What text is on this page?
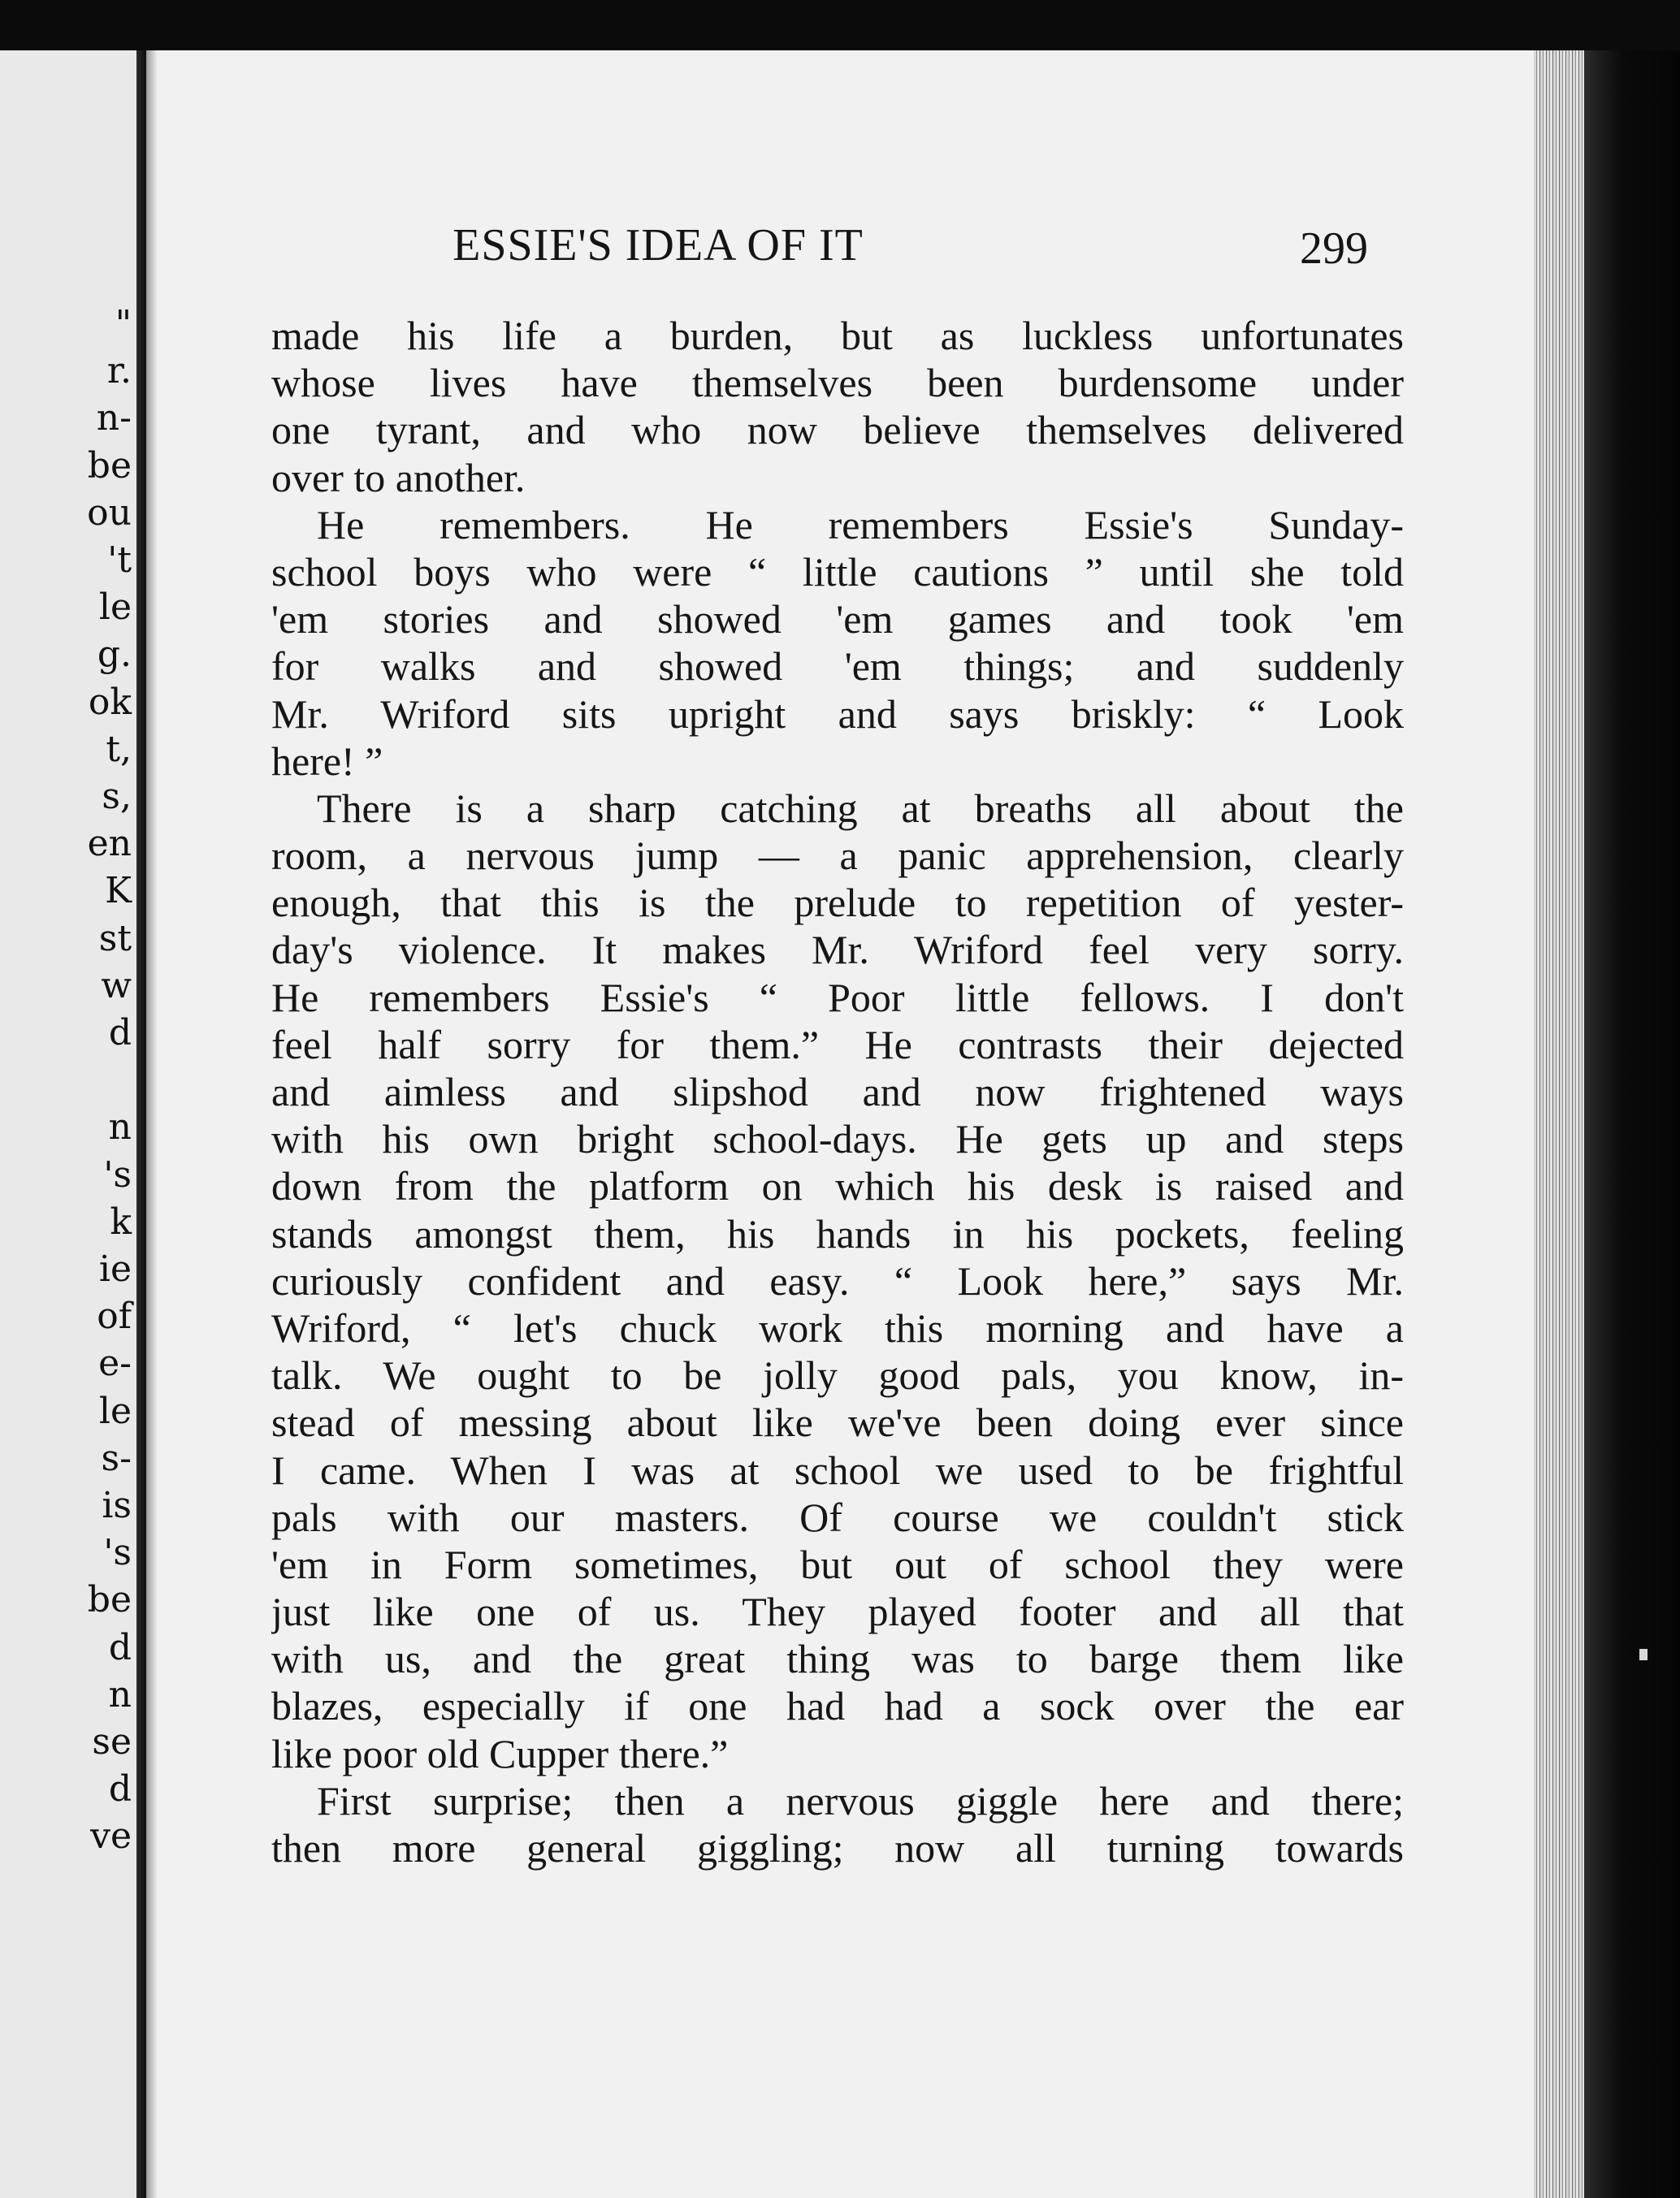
"
r.
n-
be
ou
't
le
g.
ok
t,
s,
en
K
st
w
d
n
's
k
ie
of
e-
le
s-
is
's
be
d
n
se
d
ve
ESSIE'S IDEA OF IT	299
made his life a burden, but as luckless unfortunates
whose lives have themselves been burdensome under
one tyrant, and who now believe themselves delivered
over to another.
He remembers. He remembers Essie's Sunday-
school boys who were “ little cautions ” until she told
'em stories and showed 'em games and took 'em
for walks and showed 'em things; and suddenly
Mr. Wriford sits upright and says briskly: “ Look
here! ”
There is a sharp catching at breaths all about the
room, a nervous jump — a panic apprehension, clearly
enough, that this is the prelude to repetition of yester-
day's violence. It makes Mr. Wriford feel very sorry.
He remembers Essie's “ Poor little fellows. I don't
feel half sorry for them.” He contrasts their dejected
and aimless and slipshod and now frightened ways
with his own bright school-days. He gets up and steps
down from the platform on which his desk is raised and
stands amongst them, his hands in his pockets, feeling
curiously confident and easy. “ Look here,” says Mr.
Wriford, “ let's chuck work this morning and have a
talk. We ought to be jolly good pals, you know, in-
stead of messing about like we've been doing ever since
I came. When I was at school we used to be frightful
pals with our masters. Of course we couldn't stick
'em in Form sometimes, but out of school they were
just like one of us. They played footer and all that
with us, and the great thing was to barge them like
blazes, especially if one had had a sock over the ear
like poor old Cupper there.”
First surprise; then a nervous giggle here and there;
then more general giggling; now all turning towards
